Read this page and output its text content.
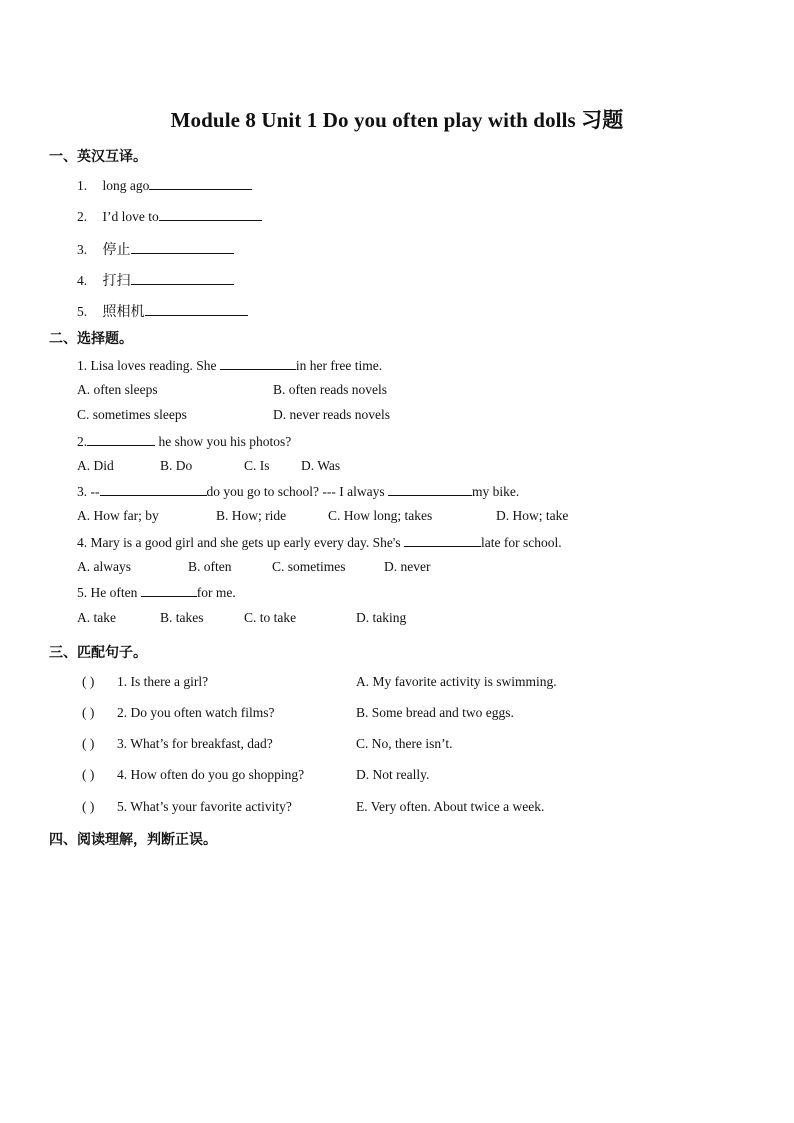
Module 8 Unit 1 Do you often play with dolls 习题
一、英汉互译。
1. long ago
2. I’d love to
3. 停止
4. 打扫
5. 照相机
二、选择题。
1. Lisa loves reading. She	in her free time.
A. often sleeps	B. often reads novels
C. sometimes sleeps	D. never reads novels
2.	he show you his photos?
A. Did	B. Do	C. Is D. Was
3. --	do you go to school? --- I always	my bike.
A. How far; by	B. How; ride	C. How long; takes	D. How; take
4. Mary is a good girl and she gets up early every day. She's	late for school.
A. always	B. often	C. sometimes	D. never
5. He often	for me.
A. take	B. takes	C. to take	D. taking
三、匹配句子。
( ) 1. Is there a girl?	A. My favorite activity is swimming.
( ) 2. Do you often watch films?	B. Some bread and two eggs.
( ) 3. What’s for breakfast, dad?	C. No, there isn’t.
( ) 4. How often do you go shopping?	D. Not really.
( ) 5. What’s your favorite activity?	E. Very often. About twice a week.
四、阅读理解，判断正误。
